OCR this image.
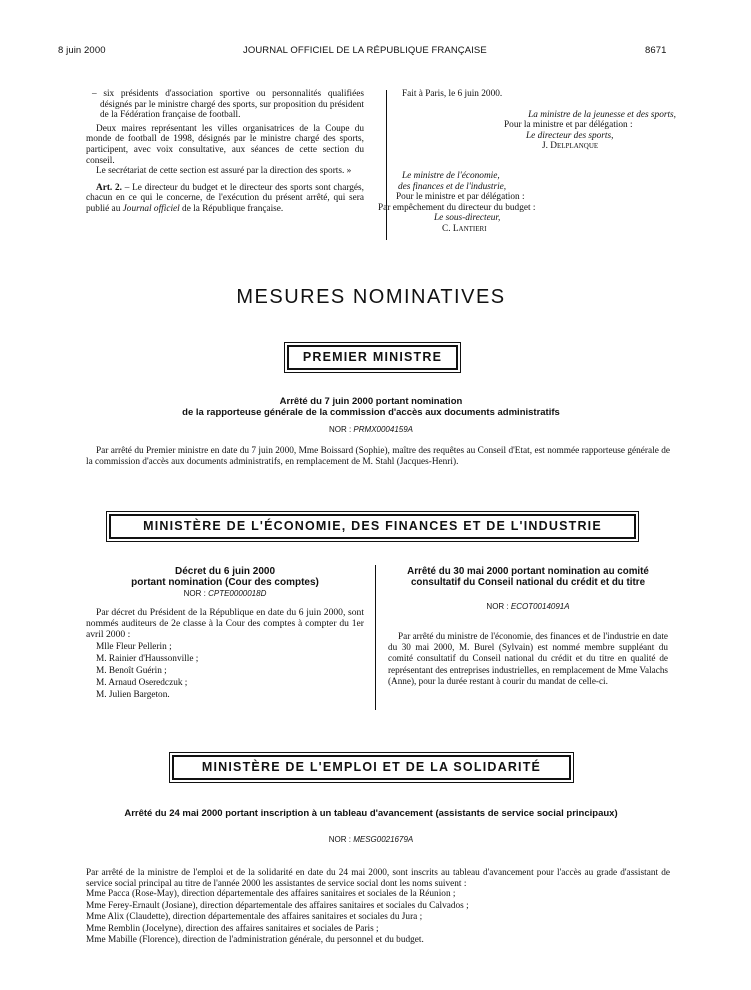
8 juin 2000	JOURNAL OFFICIEL DE LA RÉPUBLIQUE FRANÇAISE	8671
– six présidents d'association sportive ou personnalités qualifiées désignés par le ministre chargé des sports, sur proposition du président de la Fédération française de football.
Deux maires représentant les villes organisatrices de la Coupe du monde de football de 1998, désignés par le ministre chargé des sports, participent, avec voix consultative, aux séances de cette section du conseil.
Le secrétariat de cette section est assuré par la direction des sports. »
Art. 2. – Le directeur du budget et le directeur des sports sont chargés, chacun en ce qui le concerne, de l'exécution du présent arrêté, qui sera publié au Journal officiel de la République française.
Fait à Paris, le 6 juin 2000.
La ministre de la jeunesse et des sports,
Pour la ministre et par délégation :
Le directeur des sports,
J. Delplanque
Le ministre de l'économie,
des finances et de l'industrie,
Pour le ministre et par délégation :
Par empêchement du directeur du budget :
Le sous-directeur,
C. Lantieri
MESURES NOMINATIVES
PREMIER MINISTRE
Arrêté du 7 juin 2000 portant nomination
de la rapporteuse générale de la commission d'accès aux documents administratifs
NOR : PRMX0004159A
Par arrêté du Premier ministre en date du 7 juin 2000, Mme Boissard (Sophie), maître des requêtes au Conseil d'Etat, est nommée rapporteuse générale de la commission d'accès aux documents administratifs, en remplacement de M. Stahl (Jacques-Henri).
MINISTÈRE DE L'ÉCONOMIE, DES FINANCES ET DE L'INDUSTRIE
Décret du 6 juin 2000
portant nomination (Cour des comptes)
NOR : CPTE0000018D
Par décret du Président de la République en date du 6 juin 2000, sont nommés auditeurs de 2e classe à la Cour des comptes à compter du 1er avril 2000 :
Mlle Fleur Pellerin ;
M. Rainier d'Haussonville ;
M. Benoît Guérin ;
M. Arnaud Oseredczuk ;
M. Julien Bargeton.
Arrêté du 30 mai 2000 portant nomination au comité
consultatif du Conseil national du crédit et du titre
NOR : ECOT0014091A
Par arrêté du ministre de l'économie, des finances et de l'industrie en date du 30 mai 2000, M. Burel (Sylvain) est nommé membre suppléant du comité consultatif du Conseil national du crédit et du titre en qualité de représentant des entreprises industrielles, en remplacement de Mme Valachs (Anne), pour la durée restant à courir du mandat de celle-ci.
MINISTÈRE DE L'EMPLOI ET DE LA SOLIDARITÉ
Arrêté du 24 mai 2000 portant inscription à un tableau d'avancement (assistants de service social principaux)
NOR : MESG0021679A
Par arrêté de la ministre de l'emploi et de la solidarité en date du 24 mai 2000, sont inscrits au tableau d'avancement pour l'accès au grade d'assistant de service social principal au titre de l'année 2000 les assistantes de service social dont les noms suivent :
Mme Pacca (Rose-May), direction départementale des affaires sanitaires et sociales de la Réunion ;
Mme Ferey-Ernault (Josiane), direction départementale des affaires sanitaires et sociales du Calvados ;
Mme Alix (Claudette), direction départementale des affaires sanitaires et sociales du Jura ;
Mme Remblin (Jocelyne), direction des affaires sanitaires et sociales de Paris ;
Mme Mabille (Florence), direction de l'administration générale, du personnel et du budget.
